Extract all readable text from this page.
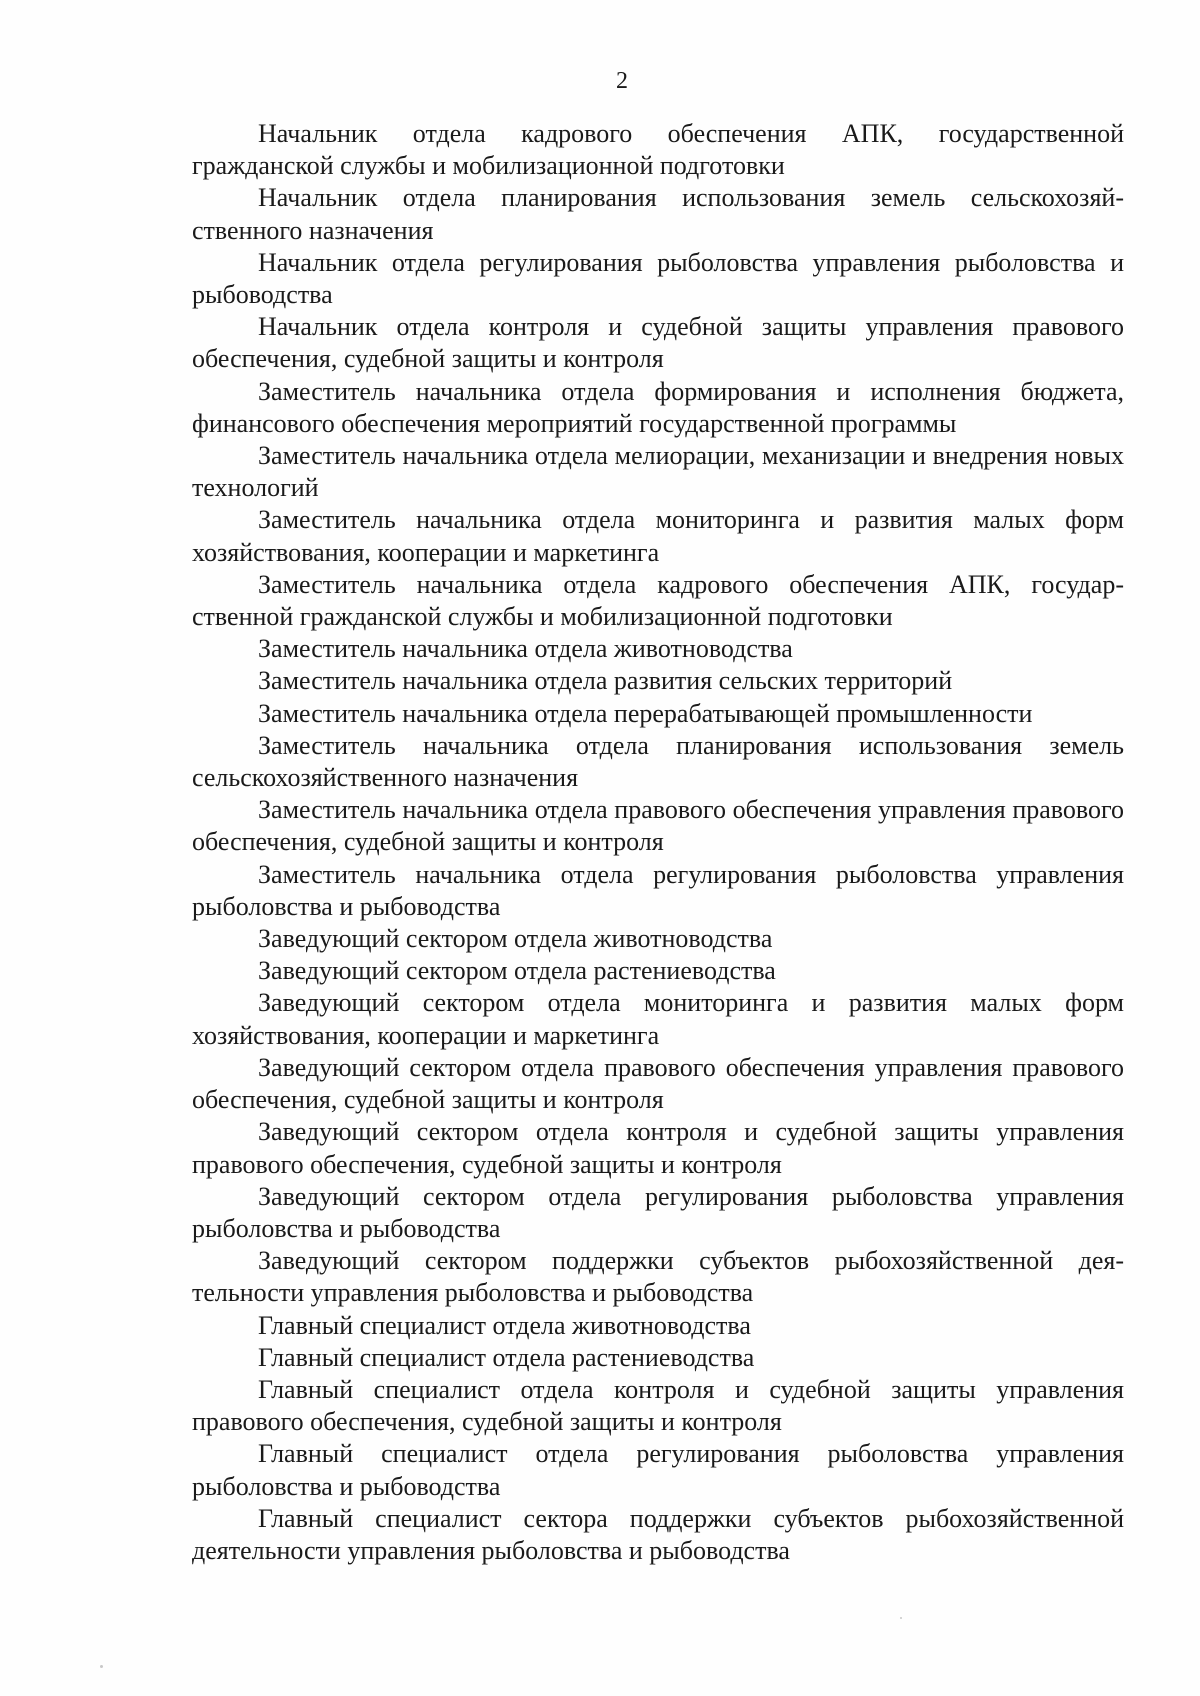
2

Начальник отдела кадрового обеспечения АПК, государственной гражданской службы и мобилизационной подготовки

Начальник отдела планирования использования земель сельскохозяйственного назначения

Начальник отдела регулирования рыболовства управления рыболовства и рыбоводства

Начальник отдела контроля и судебной защиты управления правового обеспечения, судебной защиты и контроля

Заместитель начальника отдела формирования и исполнения бюджета, финансового обеспечения мероприятий государственной программы

Заместитель начальника отдела мелиорации, механизации и внедрения новых технологий

Заместитель начальника отдела мониторинга и развития малых форм хозяйствования, кооперации и маркетинга

Заместитель начальника отдела кадрового обеспечения АПК, государственной гражданской службы и мобилизационной подготовки

Заместитель начальника отдела животноводства

Заместитель начальника отдела развития сельских территорий

Заместитель начальника отдела перерабатывающей промышленности

Заместитель начальника отдела планирования использования земель сельскохозяйственного назначения

Заместитель начальника отдела правового обеспечения управления правового обеспечения, судебной защиты и контроля

Заместитель начальника отдела регулирования рыболовства управления рыболовства и рыбоводства

Заведующий сектором отдела животноводства

Заведующий сектором отдела растениеводства

Заведующий сектором отдела мониторинга и развития малых форм хозяйствования, кооперации и маркетинга

Заведующий сектором отдела правового обеспечения управления правового обеспечения, судебной защиты и контроля

Заведующий сектором отдела контроля и судебной защиты управления правового обеспечения, судебной защиты и контроля

Заведующий сектором отдела регулирования рыболовства управления рыболовства и рыбоводства

Заведующий сектором поддержки субъектов рыбохозяйственной деятельности управления рыболовства и рыбоводства

Главный специалист отдела животноводства

Главный специалист отдела растениеводства

Главный специалист отдела контроля и судебной защиты управления правового обеспечения, судебной защиты и контроля

Главный специалист отдела регулирования рыболовства управления рыболовства и рыбоводства

Главный специалист сектора поддержки субъектов рыбохозяйственной деятельности управления рыболовства и рыбоводства
